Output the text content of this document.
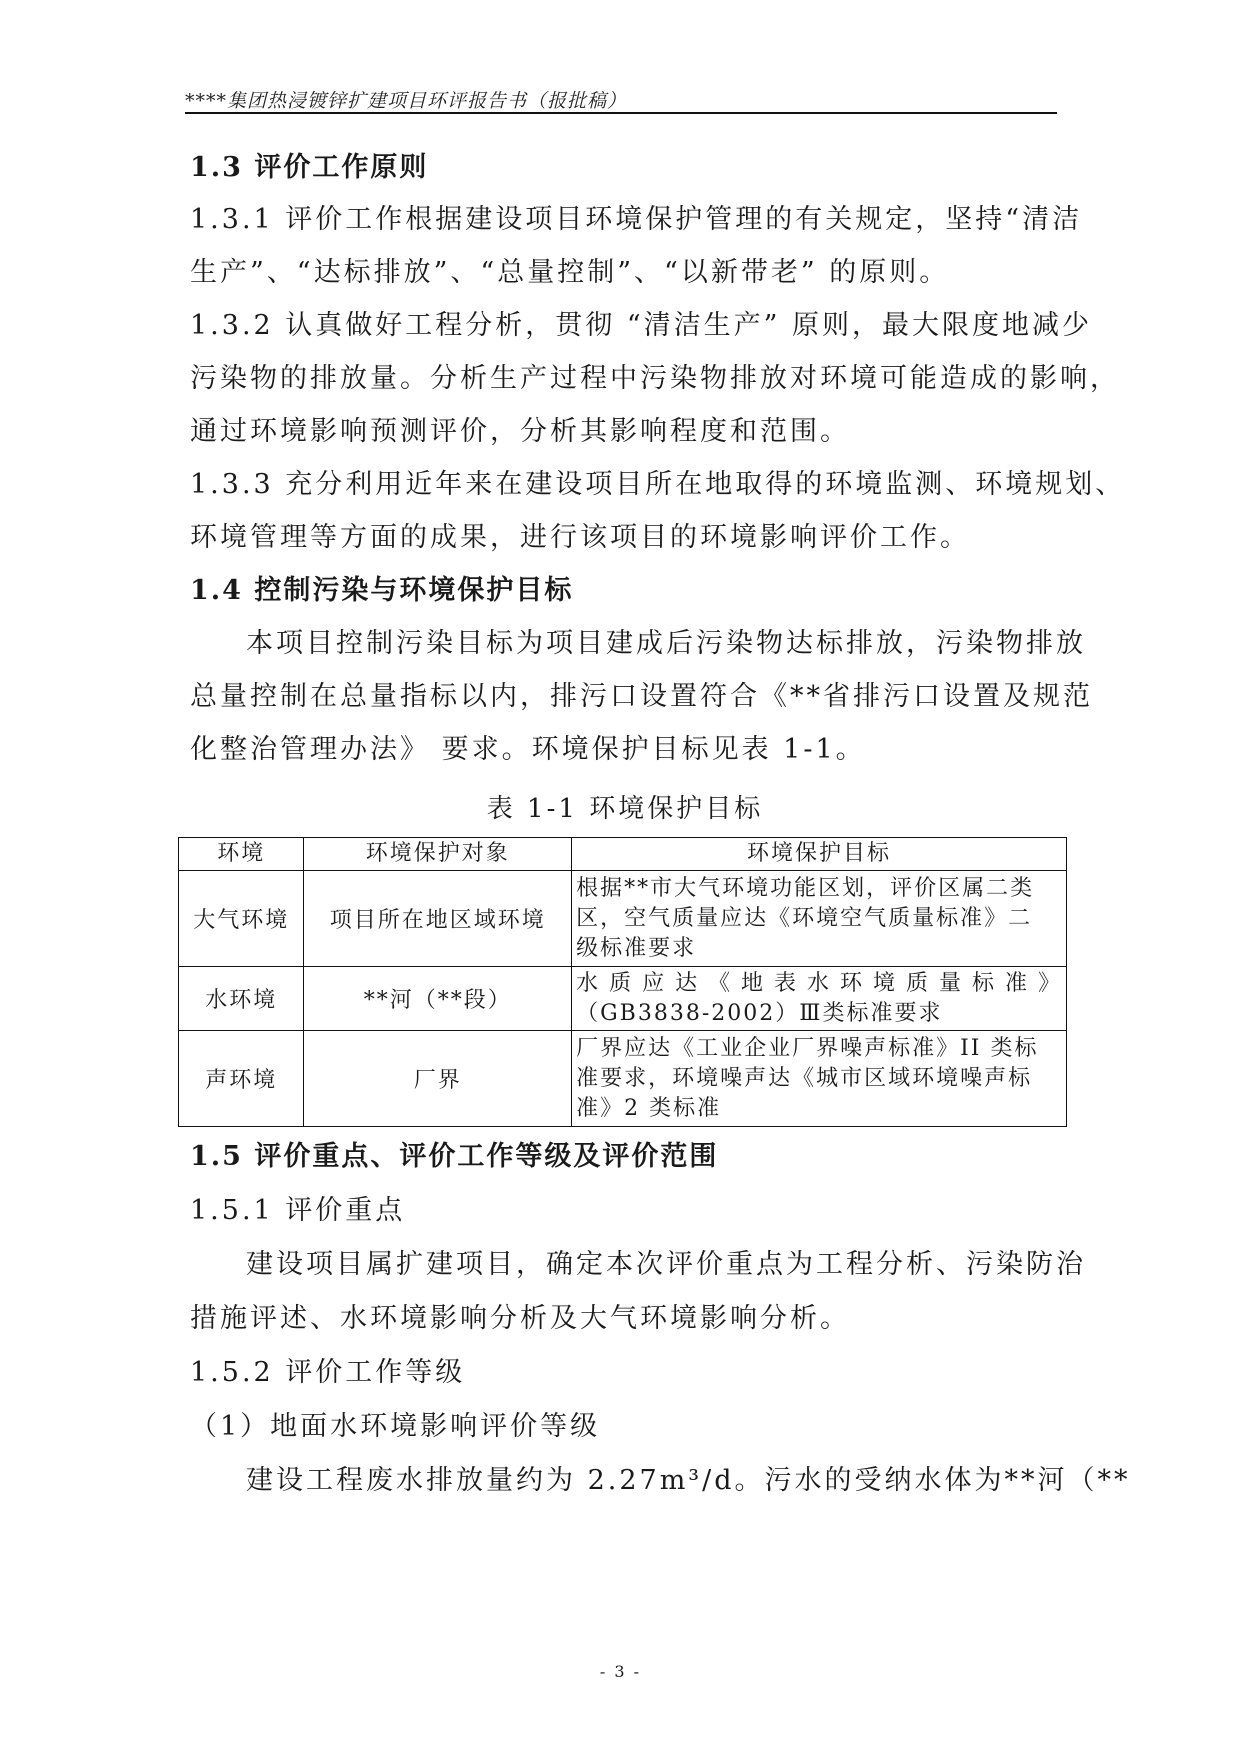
****集团热浸镀锌扩建项目环评报告书（报批稿）

1.3 评价工作原则

1.3.1 评价工作根据建设项目环境保护管理的有关规定，坚持“清洁

生产”、“达标排放”、“总量控制”、“以新带老” 的原则。

1.3.2 认真做好工程分析，贯彻 “清洁生产” 原则，最大限度地减少

污染物的排放量。分析生产过程中污染物排放对环境可能造成的影响，

通过环境影响预测评价，分析其影响程度和范围。

1.3.3 充分利用近年来在建设项目所在地取得的环境监测、环境规划、

环境管理等方面的成果，进行该项目的环境影响评价工作。

1.4 控制污染与环境保护目标

本项目控制污染目标为项目建成后污染物达标排放，污染物排放

总量控制在总量指标以内，排污口设置符合《**省排污口设置及规范

化整治管理办法》 要求。环境保护目标见表 1-1。

表 1-1 环境保护目标
环境	环境保护对象	环境保护目标
大气环境	项目所在地区域环境	根据**市大气环境功能区划，评价区属二类
区，空气质量应达《环境空气质量标准》二
级标准要求

水环境	**河（**段）	水 质 应 达 《 地 表 水 环 境 质 量 标 准 》
（GB3838-2002）Ⅲ类标准要求

声环境	厂界	厂界应达《工业企业厂界噪声标准》II 类标
准要求，环境噪声达《城市区域环境噪声标
准》2 类标准

1.5 评价重点、评价工作等级及评价范围

1.5.1 评价重点

建设项目属扩建项目，确定本次评价重点为工程分析、污染防治

措施评述、水环境影响分析及大气环境影响分析。

1.5.2 评价工作等级

（1）地面水环境影响评价等级

建设工程废水排放量约为 2.27m³/d。污水的受纳水体为**河（**

- 3 -
